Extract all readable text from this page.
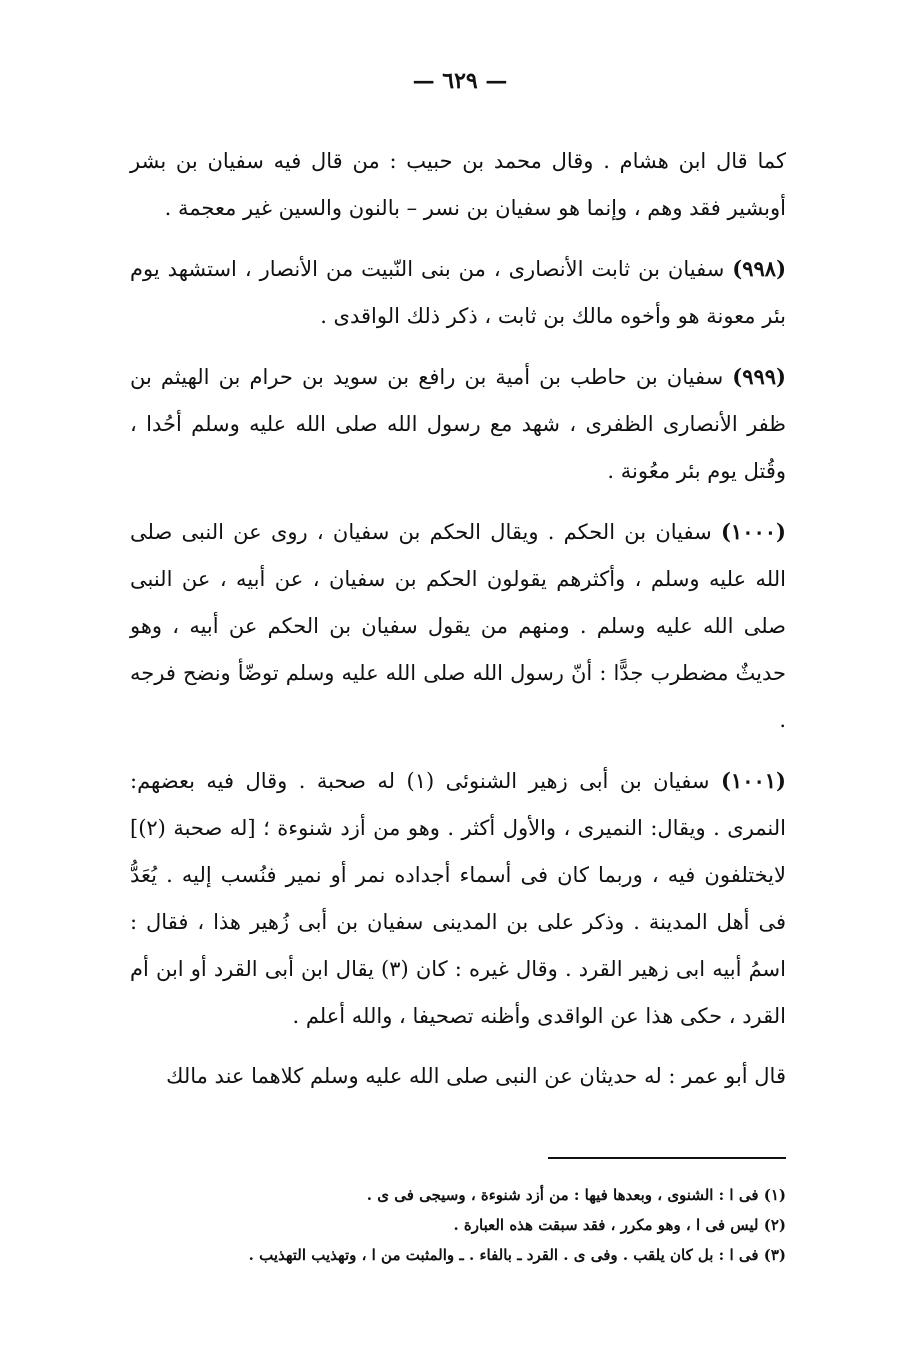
— ٦٢٩ —

كما قال ابن هشام . وقال محمد بن حبيب : من قال فيه سفيان بن بشر أوبشير فقد وهم ، وإنما هو سفيان بن نسر – بالنون والسين غير معجمة .

(٩٩٨) سفيان بن ثابت الأنصارى ، من بنى النّبيت من الأنصار ، استشهد يوم بئر معونة هو وأخوه مالك بن ثابت ، ذكر ذلك الواقدى .

(٩٩٩) سفيان بن حاطب بن أمية بن رافع بن سويد بن حرام بن الهيثم بن ظفر الأنصارى الظفرى ، شهد مع رسول الله صلى الله عليه وسلم أحُدا ، وقُتل يوم بئر معُونة .

(١٠٠٠) سفيان بن الحكم . ويقال الحكم بن سفيان ، روى عن النبى صلى الله عليه وسلم ، وأكثرهم يقولون الحكم بن سفيان ، عن أبيه ، عن النبى صلى الله عليه وسلم . ومنهم من يقول سفيان بن الحكم عن أبيه ، وهو حديثٌ مضطرب جدًّا : أنّ رسول الله صلى الله عليه وسلم توضّأ ونضح فرجه .

(١٠٠١) سفيان بن أبى زهير الشنوئى (١) له صحبة . وقال فيه بعضهم: النمرى . ويقال: النميرى ، والأول أكثر . وهو من أزد شنوءة ؛ [له صحبة (٢)] لايختلفون فيه ، وربما كان فى أسماء أجداده نمر أو نمير فنُسب إليه . يُعَدُّ فى أهل المدينة . وذكر على بن المدينى سفيان بن أبى زُهير هذا ، فقال : اسمُ أبيه ابى زهير القرد . وقال غيره : كان (٣) يقال ابن أبى القرد أو ابن أم القرد ، حكى هذا عن الواقدى وأظنه تصحيفا ، والله أعلم .

قال أبو عمر : له حديثان عن النبى صلى الله عليه وسلم كلاهما عند مالك

(١) فى ا : الشنوى ، وبعدها فيها : من أزد شنوءة ، وسيجى فى ى .

(٢) ليس فى ا ، وهو مكرر ، فقد سبقت هذه العبارة .

(٣) فى ا : بل كان يلقب . وفى ى . القرد ـ بالفاء . ـ والمثبت من ا ، وتهذيب التهذيب .
